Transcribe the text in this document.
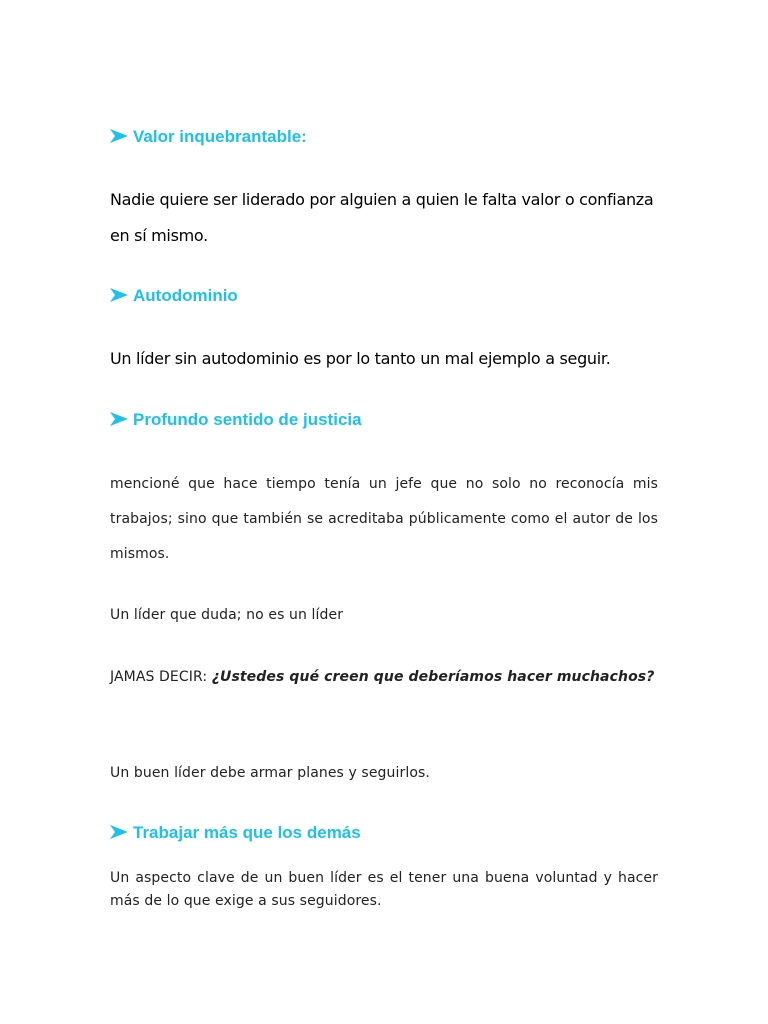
Valor inquebrantable:
Nadie quiere ser liderado por alguien a quien le falta valor o confianza en sí mismo.
Autodominio
Un líder sin autodominio es por lo tanto un mal ejemplo a seguir.
Profundo sentido de justicia
mencioné que hace tiempo tenía un jefe que no solo no reconocía mis trabajos; sino que también se acreditaba públicamente como el autor de los mismos.
Un líder que duda; no es un líder
JAMAS DECIR: ¿Ustedes qué creen que deberíamos hacer muchachos?
Un buen líder debe armar planes y seguirlos.
Trabajar más que los demás
Un aspecto clave de un buen líder es el tener una buena voluntad y hacer más de lo que exige a sus seguidores.
